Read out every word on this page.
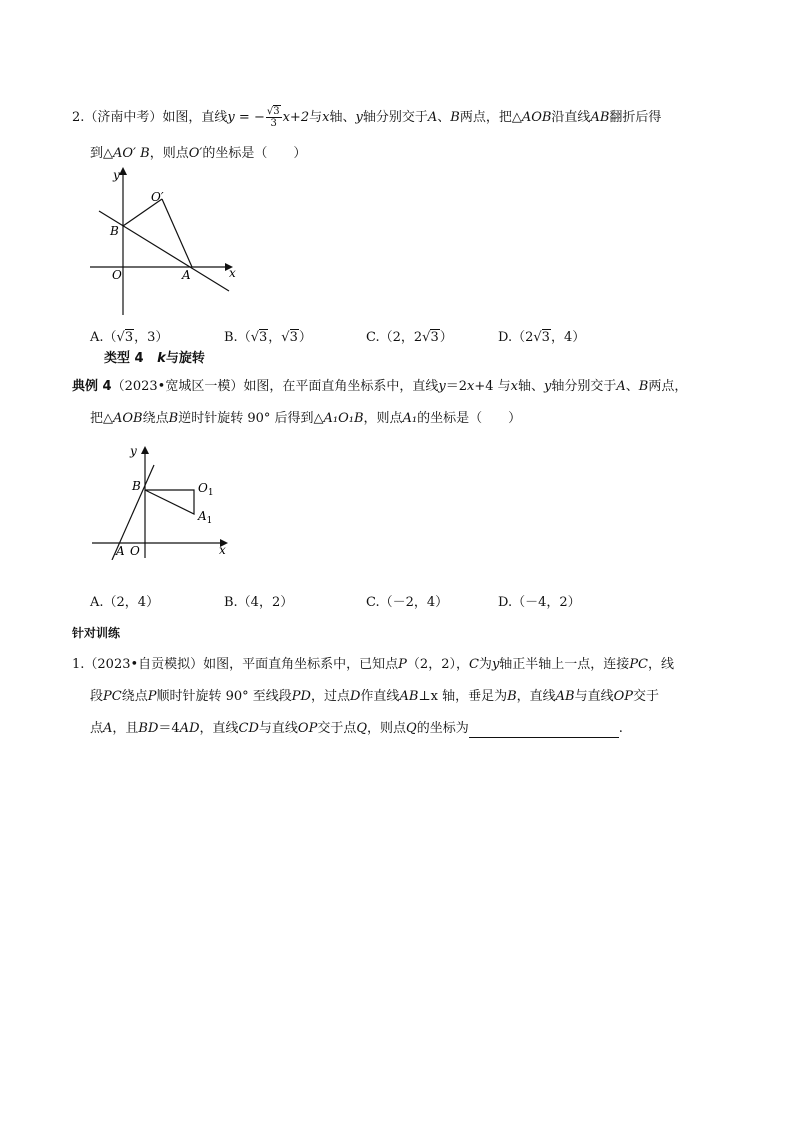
2.（济南中考）如图，直线y = − $\frac{√3}{3} x+2$与x轴、y轴分别交于A、B两点，把△AOB沿直线AB翻折后得
到△AO′ B，则点O′的坐标是（　　）
y
x
O	A
B
O′
A.（√3，3）	B.（√3，√3）	C.（2，2√3）	D.（2√3，4）
类型 4 k与旋转
典例 4（2023•宽城区一模）如图，在平面直角坐标系中，直线y＝2x+4 与x轴、y轴分别交于A、B两点，
把△AOB绕点B逆时针旋转 90° 后得到△A₁O₁B，则点A₁的坐标是（　　）
y
x
O
A
B	$O_1$
$A_1$
A.（2，4）	B.（4，2）	C.（－2，4）	D.（－4，2）
针对训练
1.（2023•自贡模拟）如图，平面直角坐标系中，已知点P（2，2），C为y轴正半轴上一点，连接PC，线
段PC绕点P顺时针旋转 90° 至线段PD，过点D作直线AB⊥x 轴，垂足为B，直线AB与直线OP交于
点A，且BD＝4AD，直线CD与直线OP交于点Q，则点Q的坐标为	.
